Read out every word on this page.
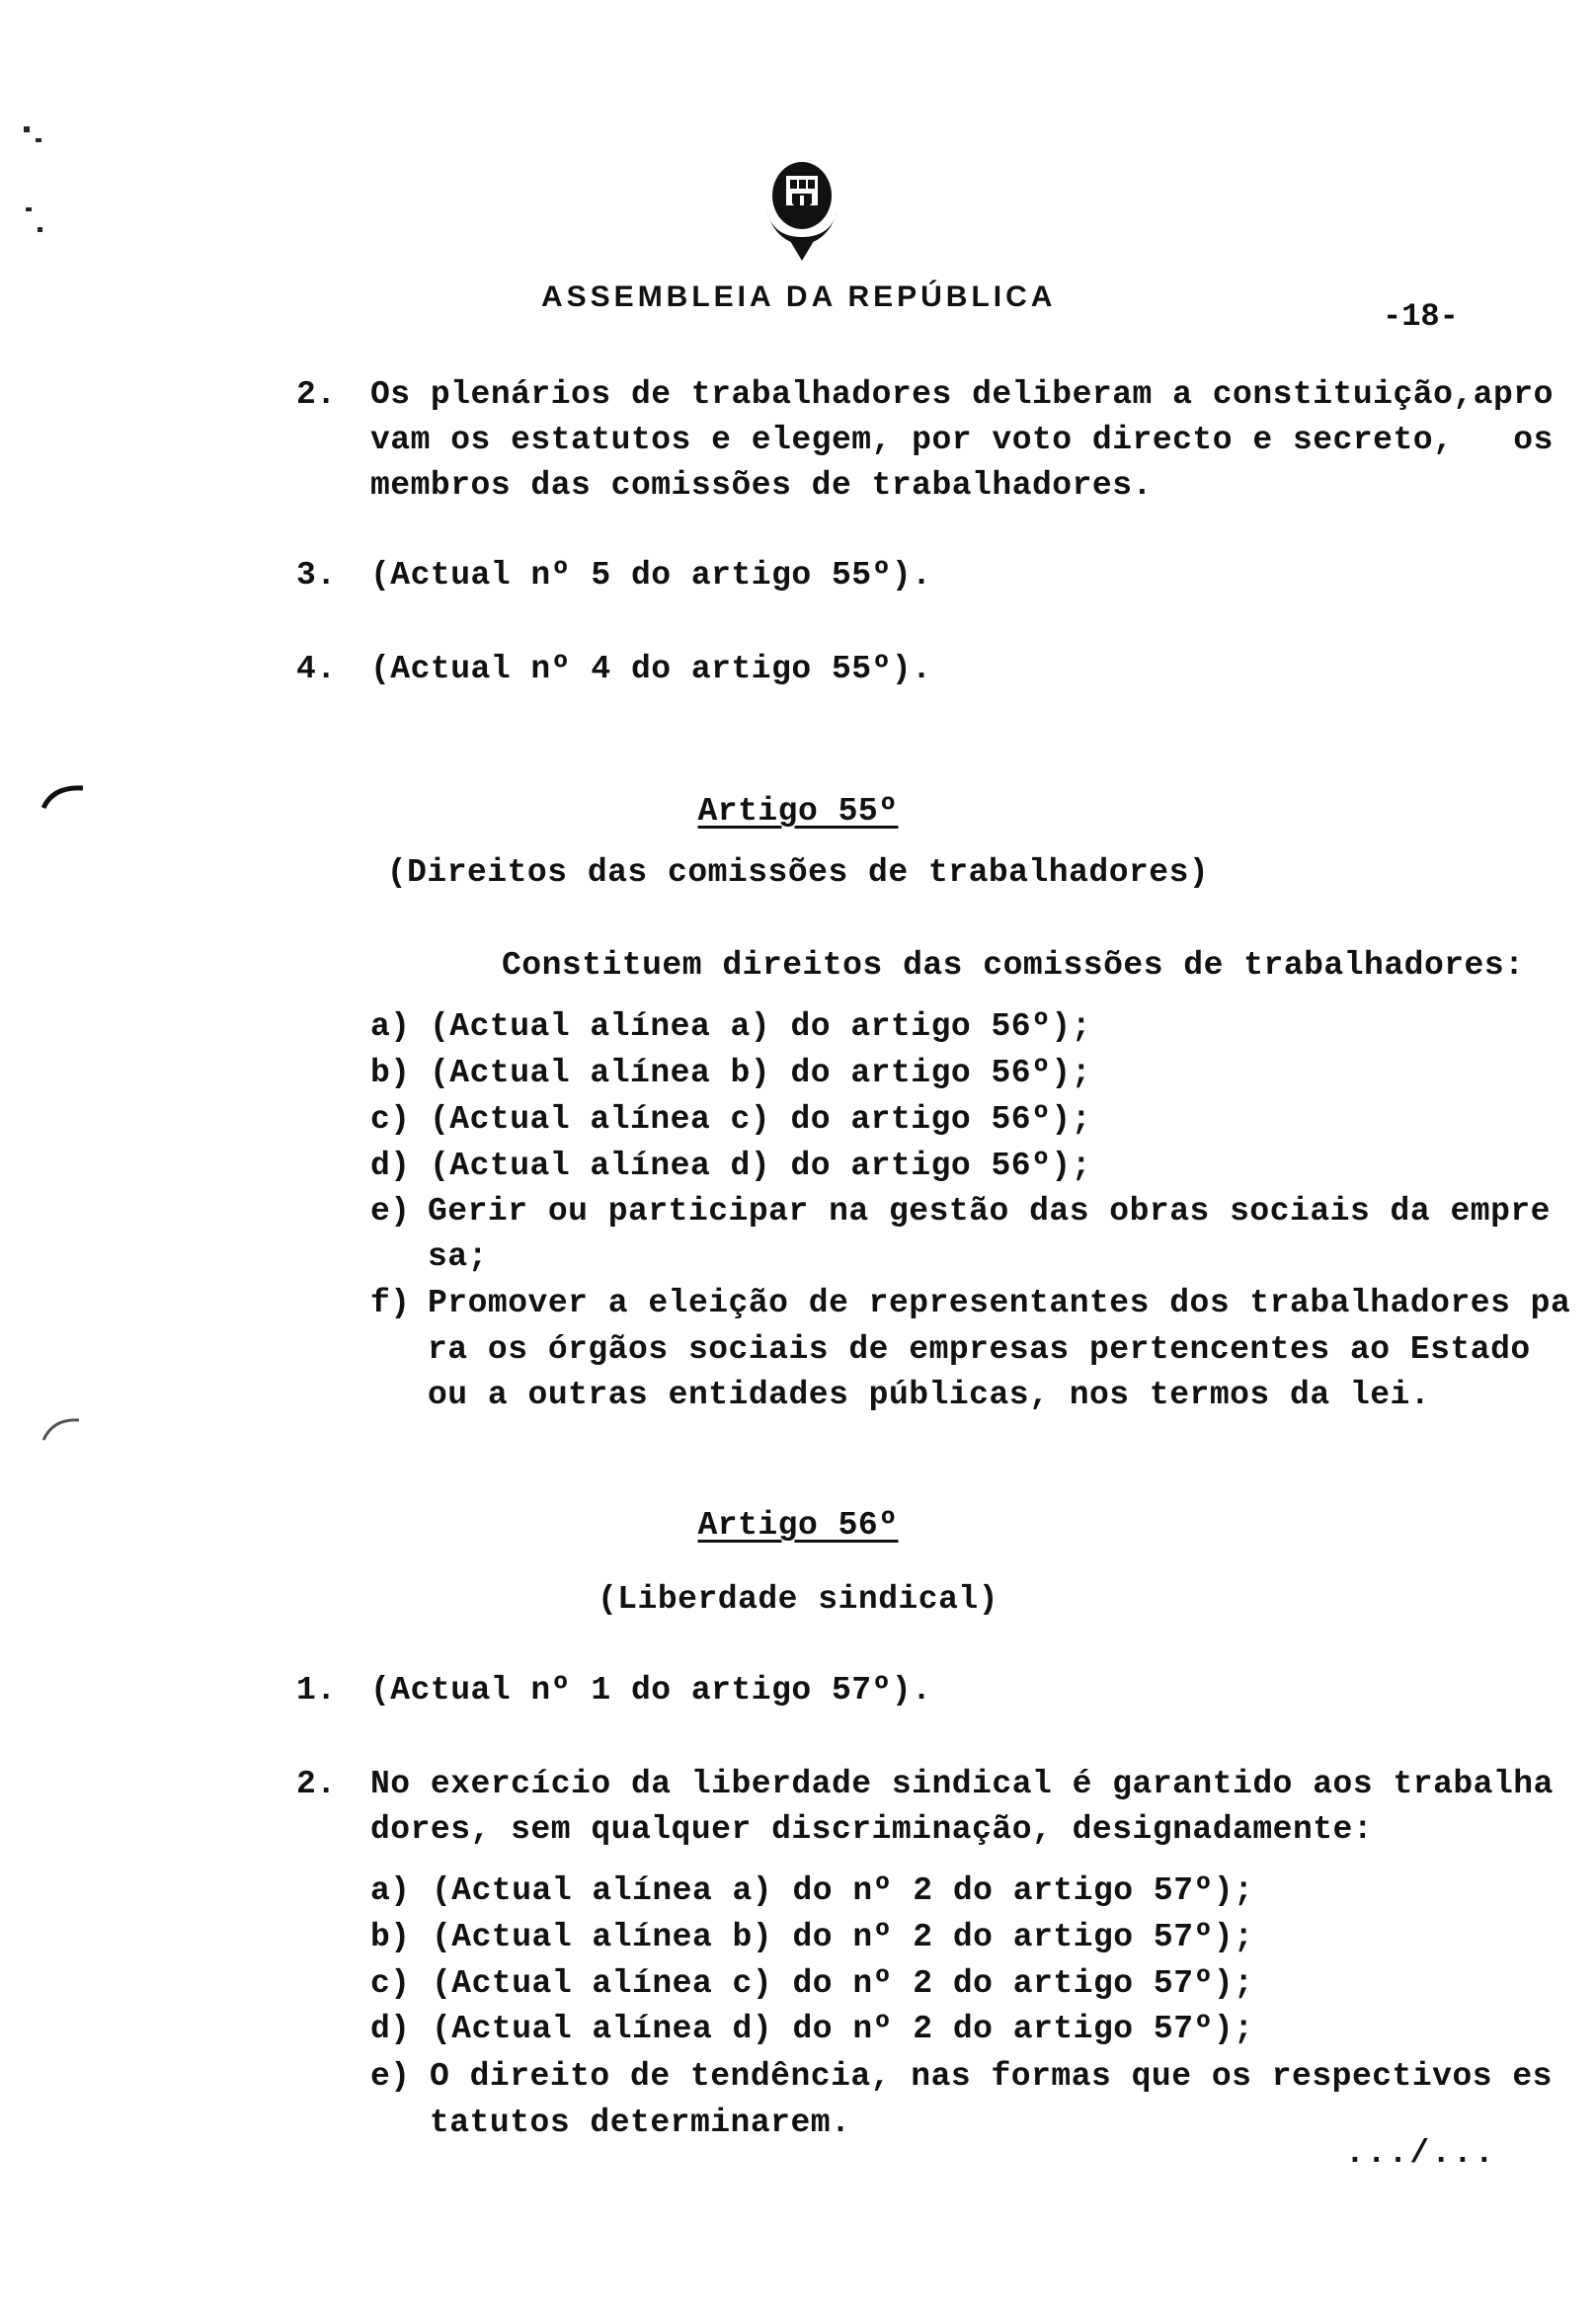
ASSEMBLEIA DA REPÚBLICA
-18-
2. Os plenários de trabalhadores deliberam a constituição,apro
vam os estatutos e elegem, por voto directo e secreto,   os
membros das comissões de trabalhadores.
3. (Actual nº 5 do artigo 55º).
4. (Actual nº 4 do artigo 55º).
Artigo 55º
(Direitos das comissões de trabalhadores)
Constituem direitos das comissões de trabalhadores:
a) (Actual alínea a) do artigo 56º);
b) (Actual alínea b) do artigo 56º);
c) (Actual alínea c) do artigo 56º);
d) (Actual alínea d) do artigo 56º);
e) Gerir ou participar na gestão das obras sociais da empre
sa;
f) Promover a eleição de representantes dos trabalhadores pa
ra os órgãos sociais de empresas pertencentes ao Estado
ou a outras entidades públicas, nos termos da lei.
Artigo 56º
(Liberdade sindical)
1. (Actual nº 1 do artigo 57º).
2. No exercício da liberdade sindical é garantido aos trabalha
dores, sem qualquer discriminação, designadamente:
a) (Actual alínea a) do nº 2 do artigo 57º);
b) (Actual alínea b) do nº 2 do artigo 57º);
c) (Actual alínea c) do nº 2 do artigo 57º);
d) (Actual alínea d) do nº 2 do artigo 57º);
e) O direito de tendência, nas formas que os respectivos es
tatutos determinarem.
.../...
